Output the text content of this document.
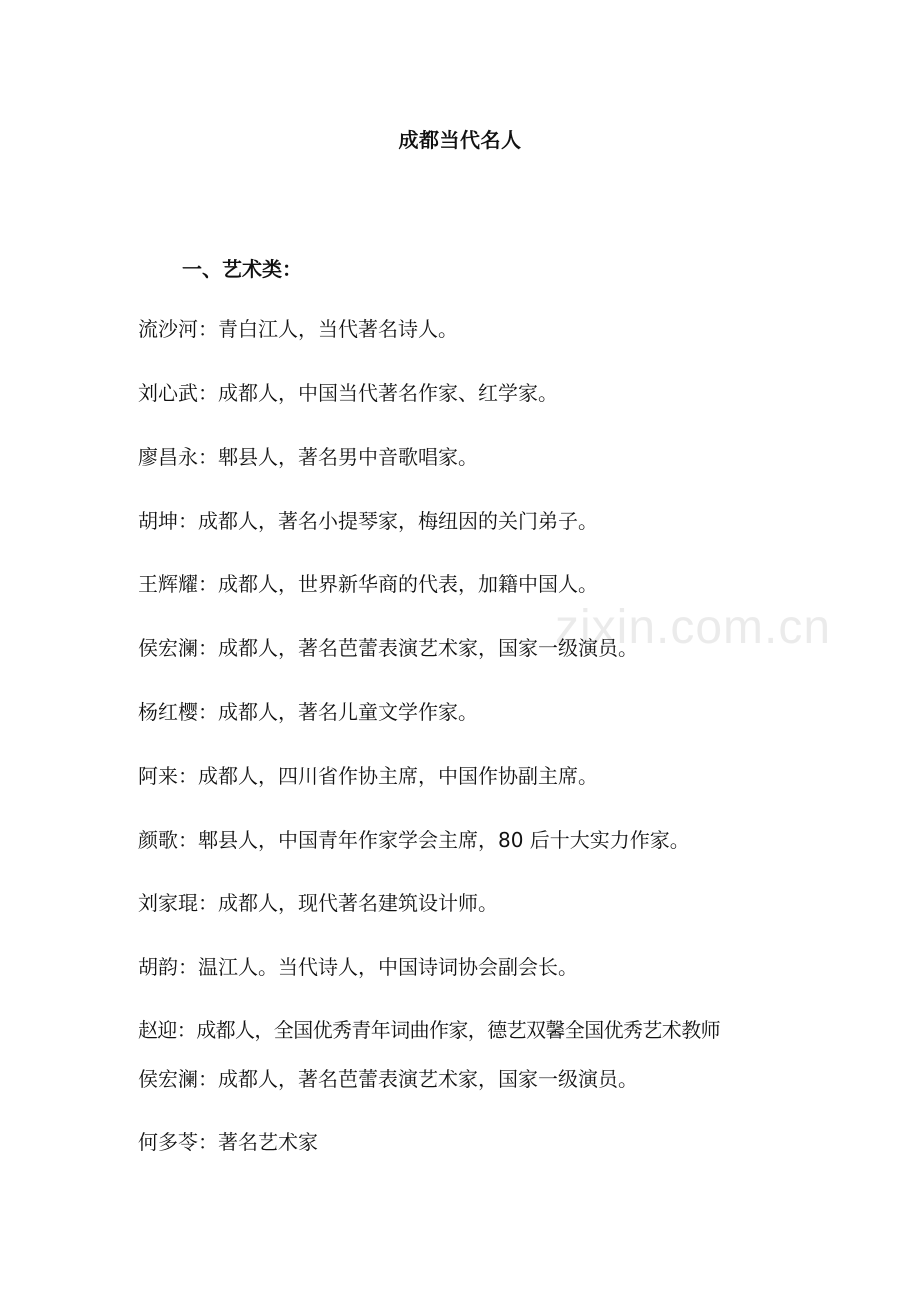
成都当代名人
一、艺术类：
流沙河：青白江人，当代著名诗人。
刘心武：成都人，中国当代著名作家、红学家。
廖昌永：郫县人，著名男中音歌唱家。
胡坤：成都人，著名小提琴家，梅纽因的关门弟子。
王辉耀：成都人，世界新华商的代表，加籍中国人。
侯宏澜：成都人，著名芭蕾表演艺术家，国家一级演员。
杨红樱：成都人，著名儿童文学作家。
阿来：成都人，四川省作协主席，中国作协副主席。
颜歌：郫县人，中国青年作家学会主席，80 后十大实力作家。
刘家琨：成都人，现代著名建筑设计师。
胡韵：温江人。当代诗人，中国诗词协会副会长。
赵迎：成都人，全国优秀青年词曲作家，德艺双馨全国优秀艺术教师
侯宏澜：成都人，著名芭蕾表演艺术家，国家一级演员。
何多苓：著名艺术家
zixin.com.cn
